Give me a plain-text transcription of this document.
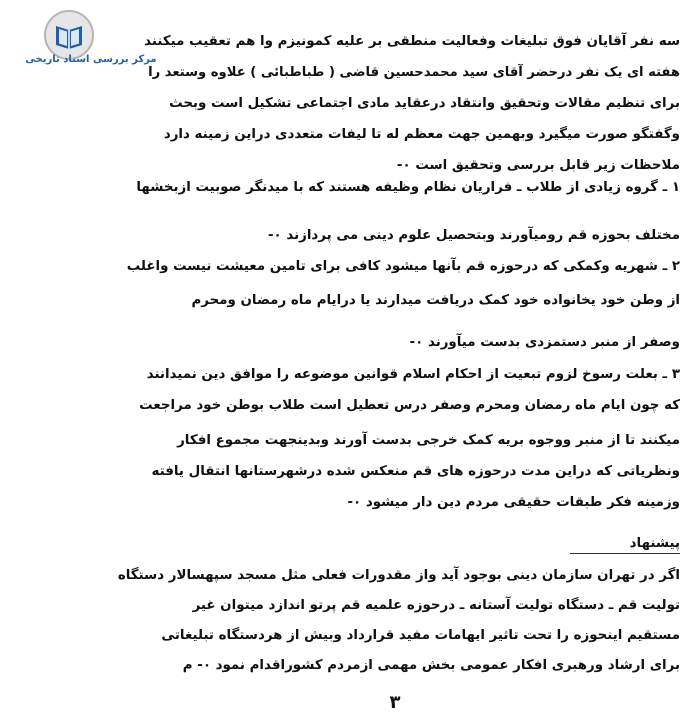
مرکز بررسی اسناد تاریخی
سه نفر آقایان فوق تبلیغات وفعالیت منطقی بر علیه کمونیزم وا هم تعقیب میکنند
هفته ای یک نفر درحضر آقای سید محمدحسین قاضی ( طباطبائی ) علاوه وستعد را
برای تنظیم مقالات وتحقیق وانتقاد درعقاید مادی اجتماعی تشکیل است وبحث
وگفتگو صورت میگیرد وبهمین جهت معظم له تا لیفات متعددی دراین زمینه دارد
ملاحظات زیر قابل بررسی وتحقیق است ٠-
۱ ـ گروه زیادی از طلاب ـ فراریان نظام وظیفه هستند که با میدنگر صوبیت ازبخشها
مختلف بحوزه قم رومیآورند وبتحصیل علوم دینی می پردازند ٠-
۲ ـ شهریه وکمکی که درحوزه قم بآنها میشود کافی برای تامین معیشت نیست واغلب
از وطن خود یخانواده خود کمک دریافت میدارند یا درایام ماه رمضان ومحرم
وصفر از منبر دستمزدی بدست میآورند ٠-
۳ ـ بعلت رسوخ لزوم تبعیت از احکام اسلام قوانین موضوعه را موافق دین نمیدانند
که چون ایام ماه رمضان ومحرم وصفر درس تعطیل است طلاب بوطن خود مراجعت
میکنند تا از منبر ووجوه بریه کمک خرجی بدست آورند وبدینجهت مجموع افکار
ونظریاتی که دراین مدت درحوزه های قم منعکس شده درشهرستانها انتقال یافته
وزمینه فکر طبقات حقیقی مردم دین دار میشود ٠-
پیشنهاد
اگر در تهران سازمان دینی بوجود آید واز مقدورات فعلی مثل مسجد سپهسالار دستگاه
تولیت قم ـ دستگاه تولیت آستانه ـ درحوزه علمیه قم پرتو اندازد میتوان غیر
مستقیم اینحوزه را تحت تاثیر ایهامات مفید قرارداد وبیش از هردستگاه تبلیغاتی
برای ارشاد ورهبری افکار عمومی بخش مهمی ازمردم کشوراقدام نمود ٠- م
۳
